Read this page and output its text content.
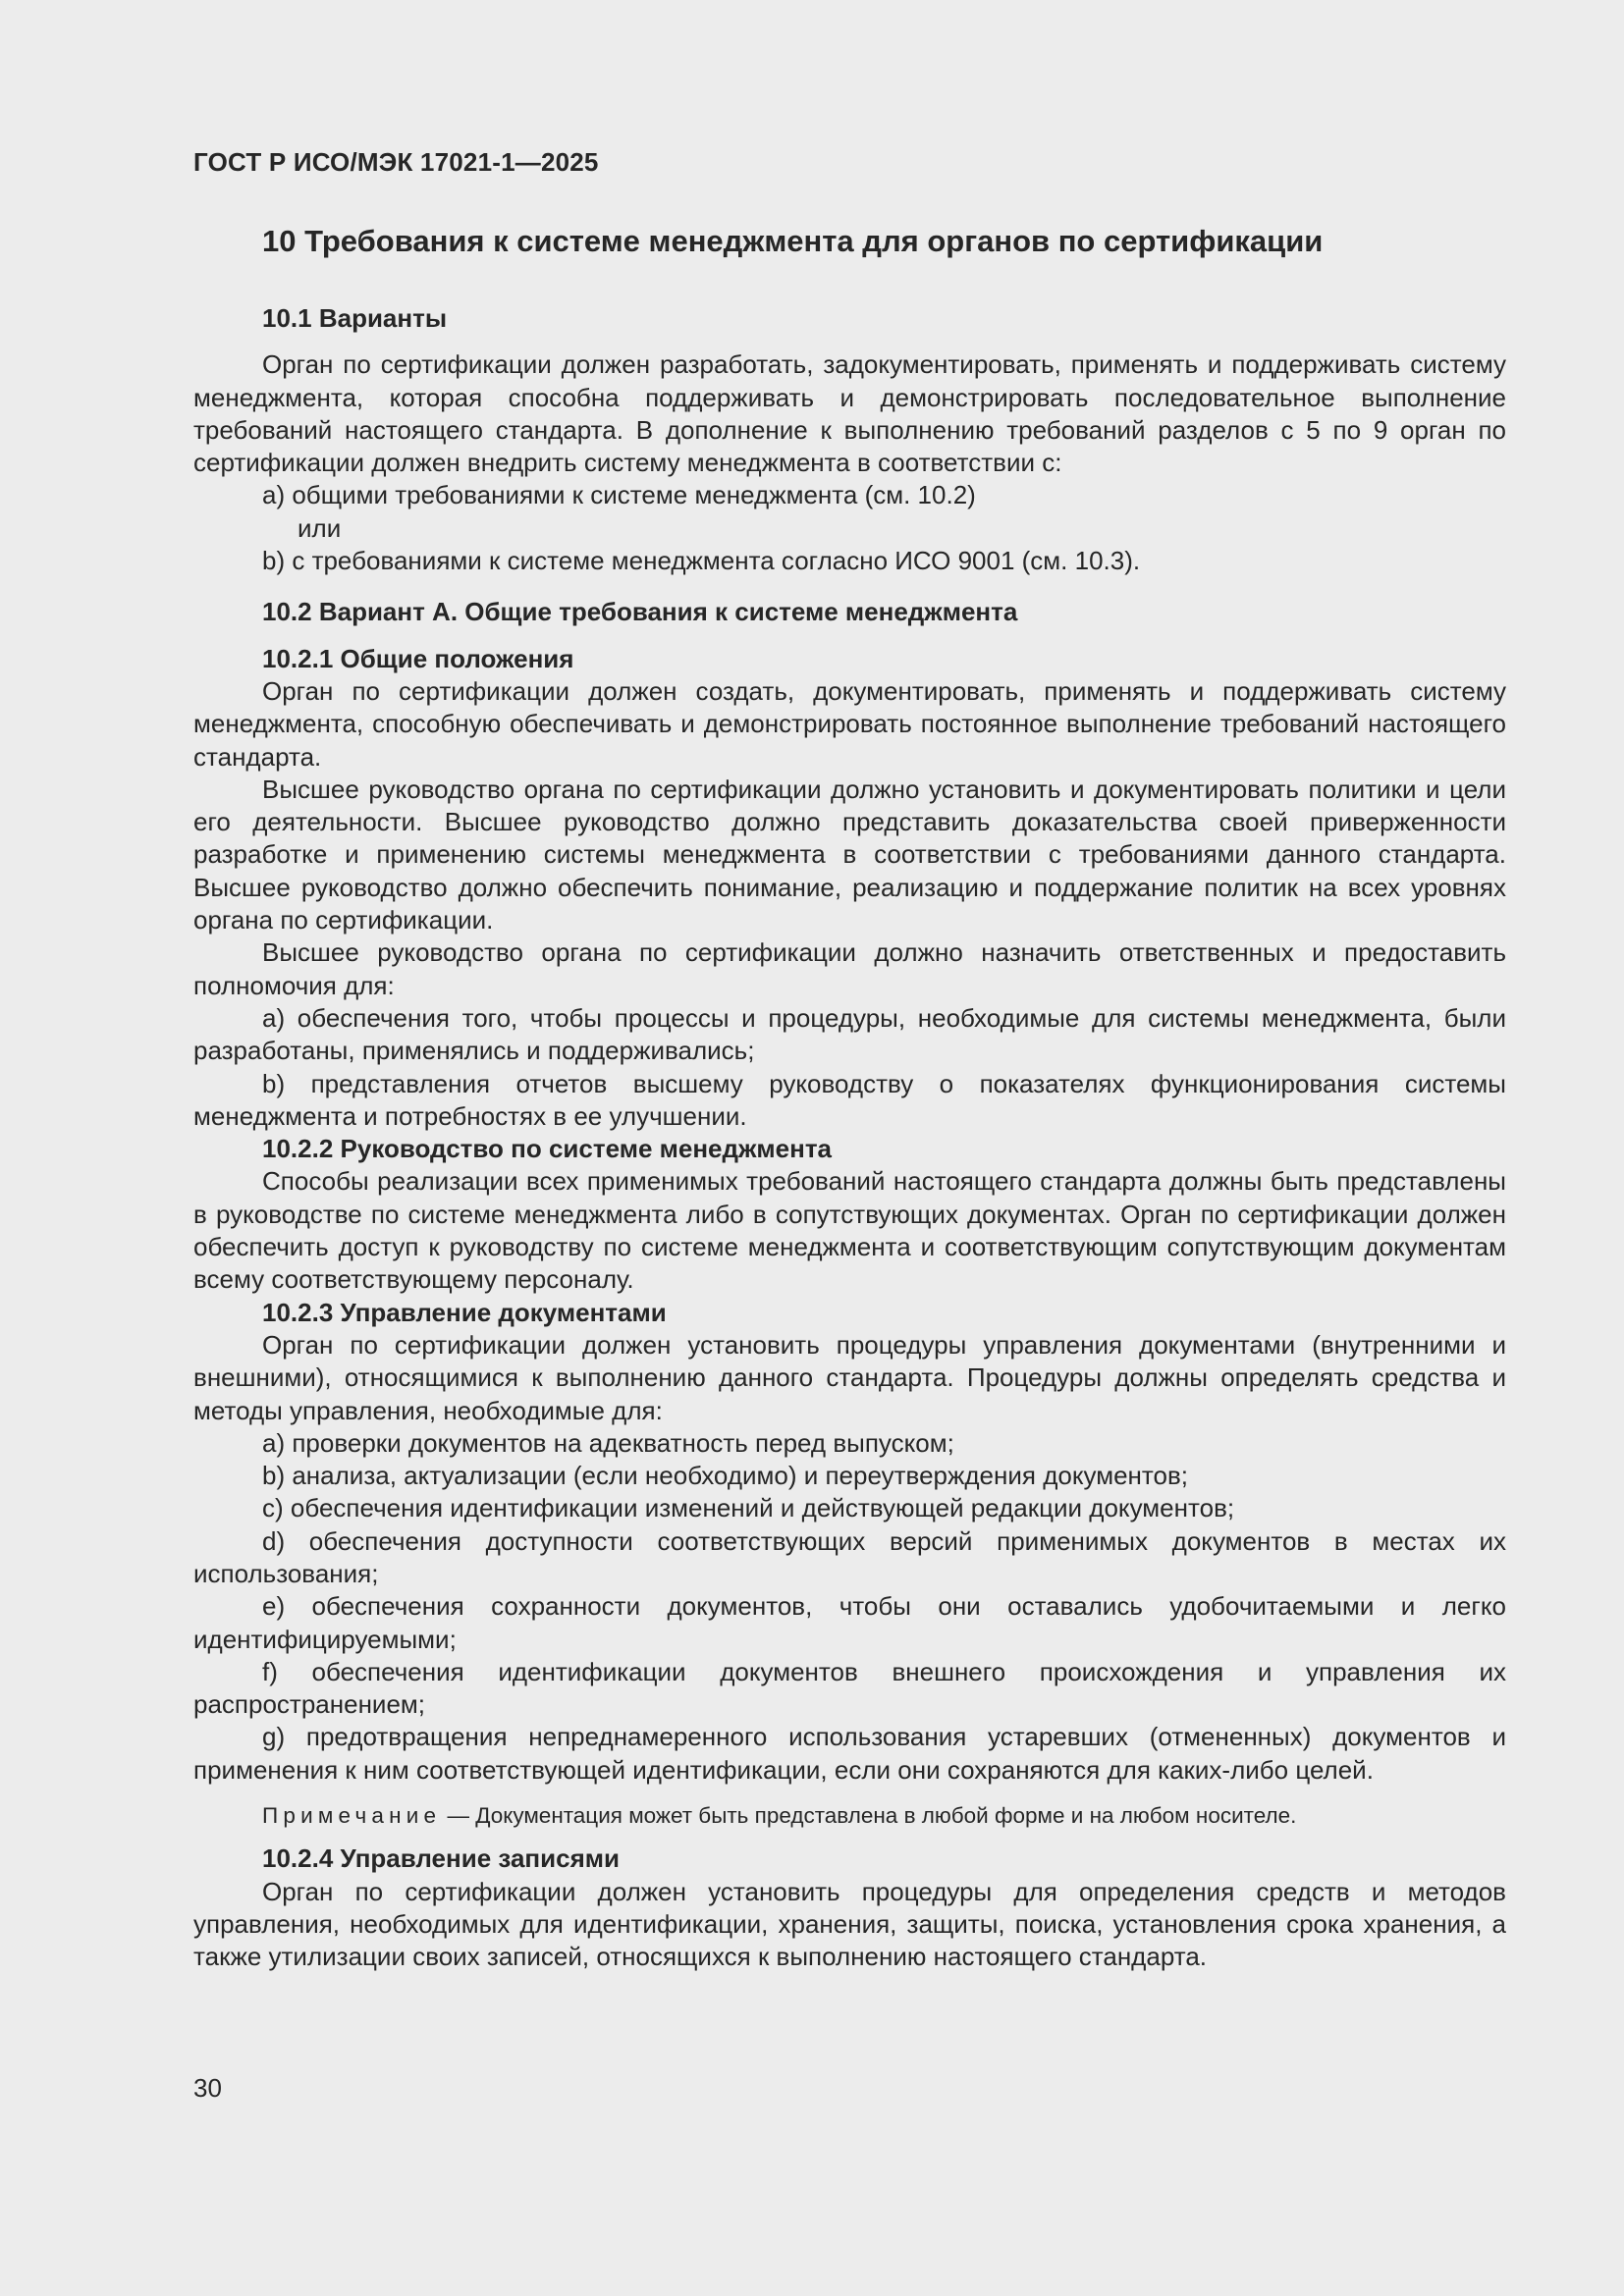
ГОСТ Р ИСО/МЭК 17021-1—2025

10 Требования к системе менеджмента для органов по сертификации

10.1 Варианты

Орган по сертификации должен разработать, задокументировать, применять и поддерживать систему менеджмента, которая способна поддерживать и демонстрировать последовательное выполнение требований настоящего стандарта. В дополнение к выполнению требований разделов с 5 по 9 орган по сертификации должен внедрить систему менеджмента в соответствии с:

a) общими требованиями к системе менеджмента (см. 10.2)

или

b) с требованиями к системе менеджмента согласно ИСО 9001 (см. 10.3).

10.2 Вариант A. Общие требования к системе менеджмента

10.2.1 Общие положения

Орган по сертификации должен создать, документировать, применять и поддерживать систему менеджмента, способную обеспечивать и демонстрировать постоянное выполнение требований настоящего стандарта.

Высшее руководство органа по сертификации должно установить и документировать политики и цели его деятельности. Высшее руководство должно представить доказательства своей приверженности разработке и применению системы менеджмента в соответствии с требованиями данного стандарта. Высшее руководство должно обеспечить понимание, реализацию и поддержание политик на всех уровнях органа по сертификации.

Высшее руководство органа по сертификации должно назначить ответственных и предоставить полномочия для:

a) обеспечения того, чтобы процессы и процедуры, необходимые для системы менеджмента, были разработаны, применялись и поддерживались;

b) представления отчетов высшему руководству о показателях функционирования системы менеджмента и потребностях в ее улучшении.

10.2.2 Руководство по системе менеджмента

Способы реализации всех применимых требований настоящего стандарта должны быть представлены в руководстве по системе менеджмента либо в сопутствующих документах. Орган по сертификации должен обеспечить доступ к руководству по системе менеджмента и соответствующим сопутствующим документам всему соответствующему персоналу.

10.2.3 Управление документами

Орган по сертификации должен установить процедуры управления документами (внутренними и внешними), относящимися к выполнению данного стандарта. Процедуры должны определять средства и методы управления, необходимые для:

a) проверки документов на адекватность перед выпуском;

b) анализа, актуализации (если необходимо) и переутверждения документов;

c) обеспечения идентификации изменений и действующей редакции документов;

d) обеспечения доступности соответствующих версий применимых документов в местах их использования;

e) обеспечения сохранности документов, чтобы они оставались удобочитаемыми и легко идентифицируемыми;

f) обеспечения идентификации документов внешнего происхождения и управления их распространением;

g) предотвращения непреднамеренного использования устаревших (отмененных) документов и применения к ним соответствующей идентификации, если они сохраняются для каких-либо целей.

Примечание — Документация может быть представлена в любой форме и на любом носителе.

10.2.4 Управление записями

Орган по сертификации должен установить процедуры для определения средств и методов управления, необходимых для идентификации, хранения, защиты, поиска, установления срока хранения, а также утилизации своих записей, относящихся к выполнению настоящего стандарта.

30
